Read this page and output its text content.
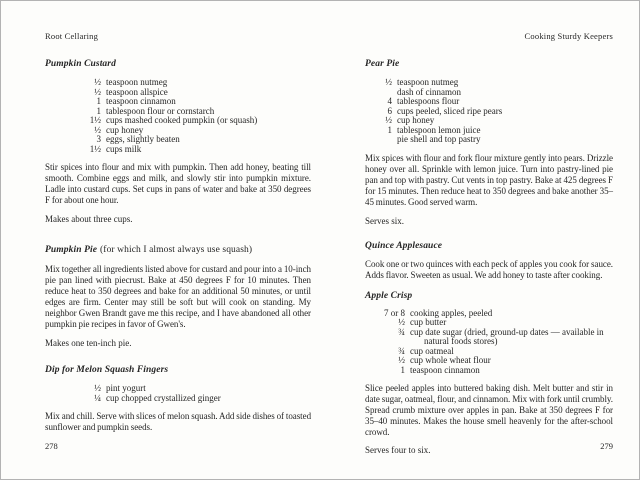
Root Cellaring
Pumpkin Custard
½ teaspoon nutmeg
½ teaspoon allspice
1 teaspoon cinnamon
1 tablespoon flour or cornstarch
1½ cups mashed cooked pumpkin (or squash)
½ cup honey
3 eggs, slightly beaten
1½ cups milk
Stir spices into flour and mix with pumpkin. Then add honey, beating till smooth. Combine eggs and milk, and slowly stir into pumpkin mixture. Ladle into custard cups. Set cups in pans of water and bake at 350 degrees F for about one hour.
Makes about three cups.
Pumpkin Pie (for which I almost always use squash)
Mix together all ingredients listed above for custard and pour into a 10-inch pie pan lined with piecrust. Bake at 450 degrees F for 10 minutes. Then reduce heat to 350 degrees and bake for an additional 50 minutes, or until edges are firm. Center may still be soft but will cook on standing. My neighbor Gwen Brandt gave me this recipe, and I have abandoned all other pumpkin pie recipes in favor of Gwen's.
Makes one ten-inch pie.
Dip for Melon Squash Fingers
½ pint yogurt
¼ cup chopped crystallized ginger
Mix and chill. Serve with slices of melon squash. Add side dishes of toasted sunflower and pumpkin seeds.
278
Cooking Sturdy Keepers
Pear Pie
½ teaspoon nutmeg
dash of cinnamon
4 tablespoons flour
6 cups peeled, sliced ripe pears
½ cup honey
1 tablespoon lemon juice
pie shell and top pastry
Mix spices with flour and fork flour mixture gently into pears. Drizzle honey over all. Sprinkle with lemon juice. Turn into pastry-lined pie pan and top with pastry. Cut vents in top pastry. Bake at 425 degrees F for 15 minutes. Then reduce heat to 350 degrees and bake another 35–45 minutes. Good served warm.
Serves six.
Quince Applesauce
Cook one or two quinces with each peck of apples you cook for sauce. Adds flavor. Sweeten as usual. We add honey to taste after cooking.
Apple Crisp
7 or 8 cooking apples, peeled
½ cup butter
¾ cup date sugar (dried, ground-up dates — available in natural foods stores)
¾ cup oatmeal
½ cup whole wheat flour
1 teaspoon cinnamon
Slice peeled apples into buttered baking dish. Melt butter and stir in date sugar, oatmeal, flour, and cinnamon. Mix with fork until crumbly. Spread crumb mixture over apples in pan. Bake at 350 degrees F for 35–40 minutes. Makes the house smell heavenly for the after-school crowd.
Serves four to six.	279
